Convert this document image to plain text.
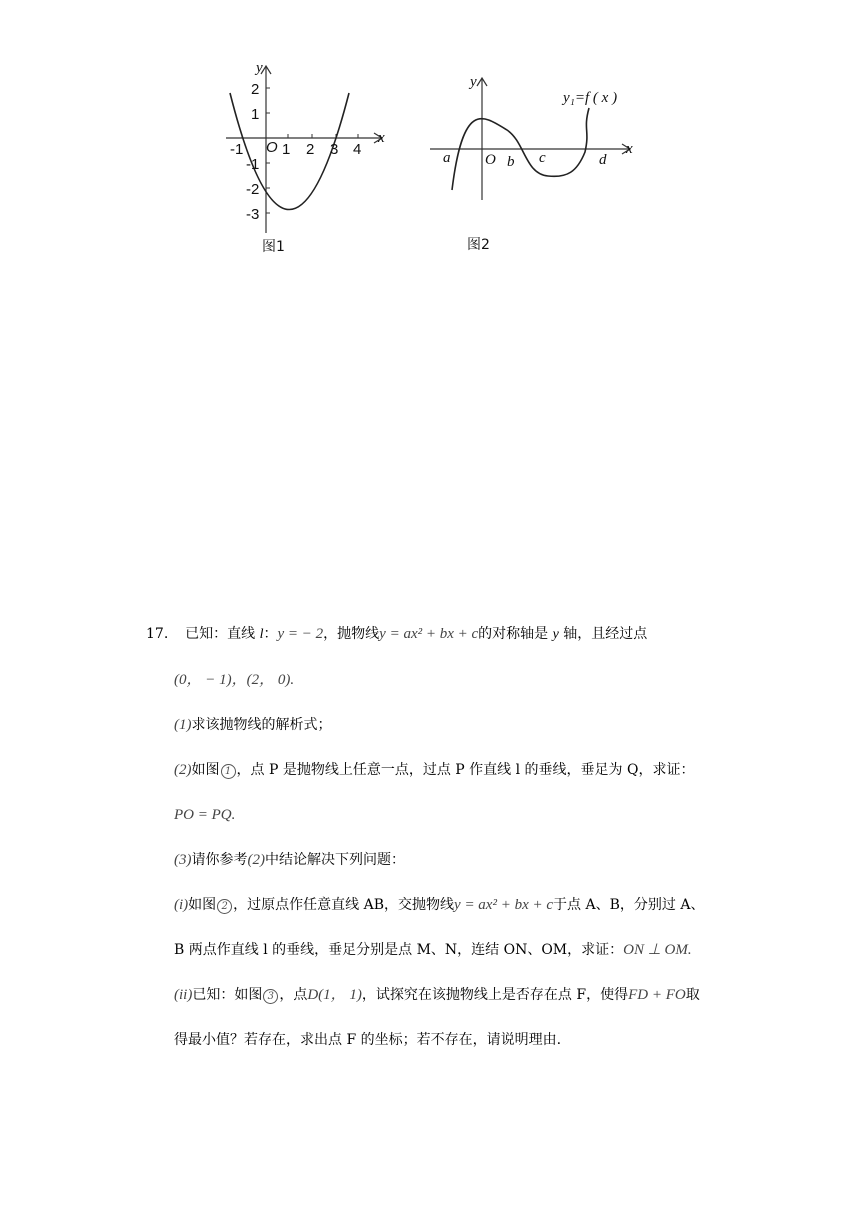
y
x
O
-1	1 2 3 4
2
1
-1
-2
-3
图1
y
x
O
a	b c	d
y₁=f ( x )
图2
17. 已知：直线 l：y = − 2，抛物线y = ax² + bx + c的对称轴是 y 轴，且经过点
(0， − 1)，(2， 0).
(1)求该抛物线的解析式；
(2)如图 1 ，点 P 是抛物线上任意一点，过点 P 作直线 l 的垂线，垂足为 Q，求证：
PO = PQ.
(3)请你参考(2)中结论解决下列问题：
(i)如图 2 ，过原点作任意直线 AB，交抛物线y = ax² + bx + c于点 A、B，分别过 A、
B 两点作直线 l 的垂线，垂足分别是点 M、N，连结 ON、OM，求证：ON ⊥ OM.
(ii)已知：如图 3 ，点D(1， 1)，试探究在该抛物线上是否存在点 F，使得FD + FO取
得最小值？若存在，求出点 F 的坐标；若不存在，请说明理由.
